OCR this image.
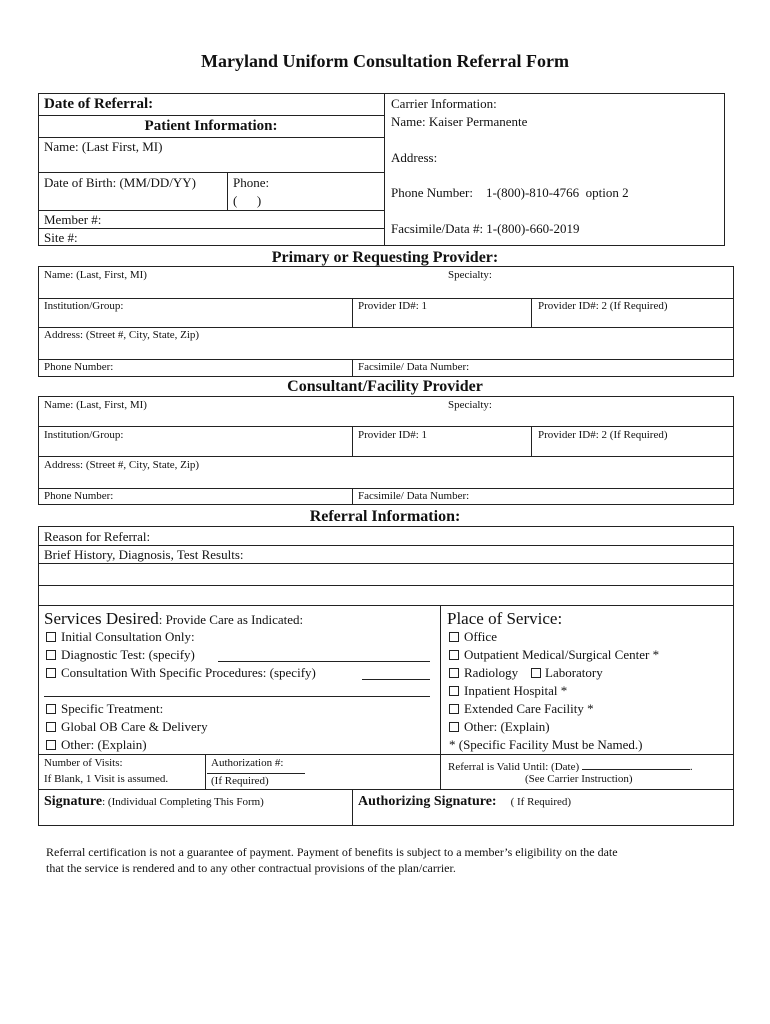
Maryland Uniform Consultation Referral Form
Date of Referral:
Patient Information:
Name: (Last First, MI)
Date of Birth: (MM/DD/YY)	Phone:
(      )
Member #:
Site #:
Carrier Information:
Name: Kaiser Permanente
Address:
Phone Number:    1-(800)-810-4766  option 2
Facsimile/Data #: 1-(800)-660-2019
Primary or Requesting Provider:
Name: (Last, First, MI)	Specialty:
Institution/Group:	Provider ID#: 1	Provider ID#: 2 (If Required)
Address: (Street #, City, State, Zip)
Phone Number:	Facsimile/ Data Number:
Consultant/Facility Provider
Name: (Last, First, MI)	Specialty:
Institution/Group:	Provider ID#: 1	Provider ID#: 2 (If Required)
Address: (Street #, City, State, Zip)
Phone Number:	Facsimile/ Data Number:
Referral Information:
Reason for Referral:
Brief History, Diagnosis, Test Results:
Services Desired: Provide Care as Indicated:
Initial Consultation Only:
Diagnostic Test: (specify)
Consultation With Specific Procedures: (specify)
Specific Treatment:
Global OB Care & Delivery
Other: (Explain)
Place of Service:
Office
Outpatient Medical/Surgical Center *
Radiology Laboratory
Inpatient Hospital *
Extended Care Facility *
Other: (Explain)
* (Specific Facility Must be Named.)
Number of Visits:
If Blank, 1 Visit is assumed.
Authorization #:
(If Required)
Referral is Valid Until: (Date)	.
(See Carrier Instruction)
Signature: (Individual Completing This Form)	Authorizing Signature: ( If Required)
Referral certification is not a guarantee of payment. Payment of benefits is subject to a member’s eligibility on the date
that the service is rendered and to any other contractual provisions of the plan/carrier.
